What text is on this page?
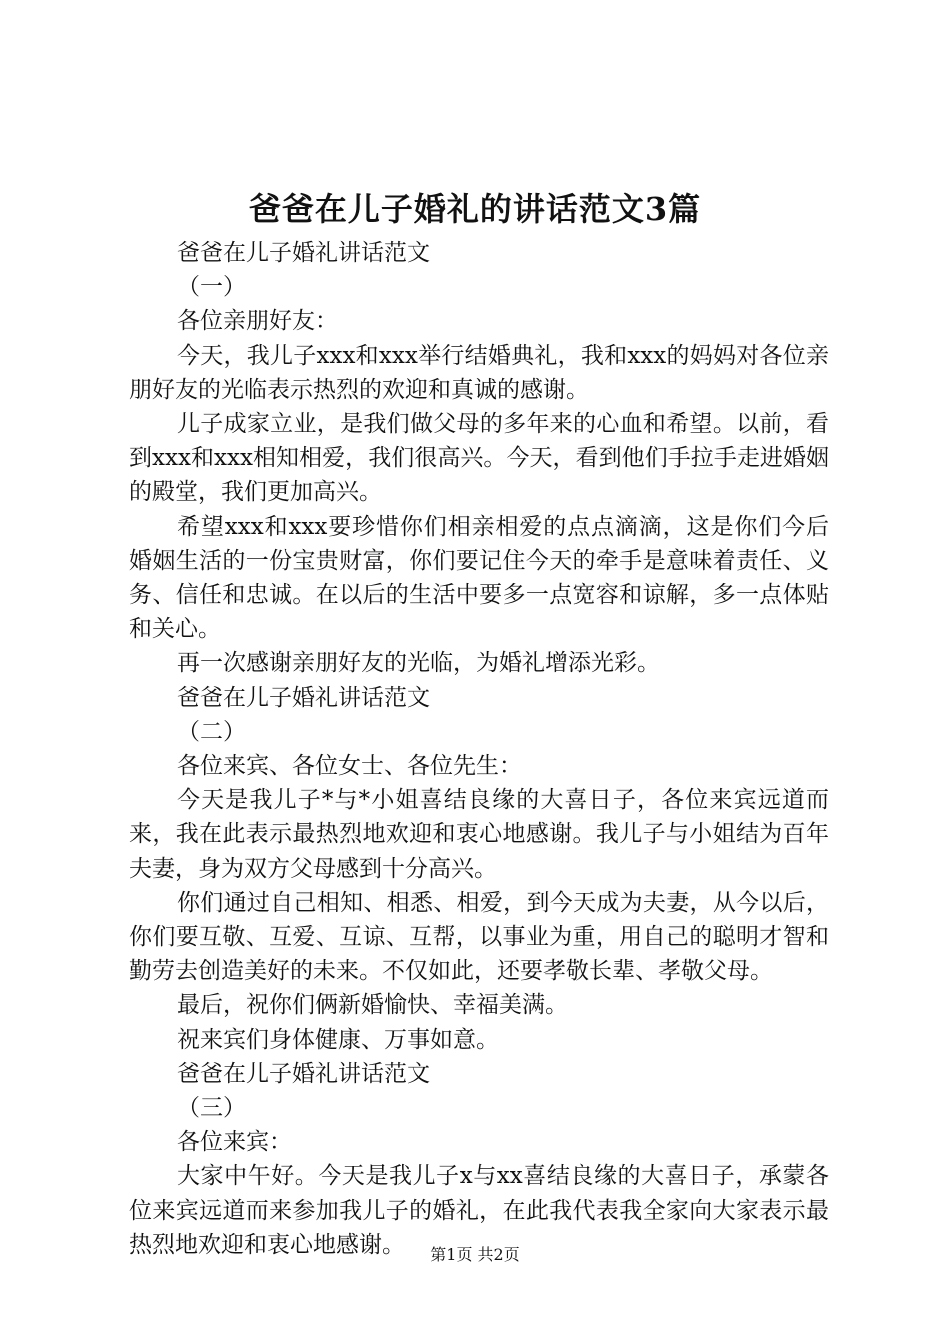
爸爸在儿子婚礼的讲话范文3篇

爸爸在儿子婚礼讲话范文

（一）

各位亲朋好友：

今天，我儿子xxx和xxx举行结婚典礼，我和xxx的妈妈对各位亲朋好友的光临表示热烈的欢迎和真诚的感谢。

儿子成家立业，是我们做父母的多年来的心血和希望。以前，看到xxx和xxx相知相爱，我们很高兴。今天，看到他们手拉手走进婚姻的殿堂，我们更加高兴。

希望xxx和xxx要珍惜你们相亲相爱的点点滴滴，这是你们今后婚姻生活的一份宝贵财富，你们要记住今天的牵手是意味着责任、义务、信任和忠诚。在以后的生活中要多一点宽容和谅解，多一点体贴和关心。

再一次感谢亲朋好友的光临，为婚礼增添光彩。

爸爸在儿子婚礼讲话范文

（二）

各位来宾、各位女士、各位先生：

今天是我儿子*与*小姐喜结良缘的大喜日子，各位来宾远道而来，我在此表示最热烈地欢迎和衷心地感谢。我儿子与小姐结为百年夫妻，身为双方父母感到十分高兴。

你们通过自己相知、相悉、相爱，到今天成为夫妻，从今以后，你们要互敬、互爱、互谅、互帮，以事业为重，用自己的聪明才智和勤劳去创造美好的未来。不仅如此，还要孝敬长辈、孝敬父母。

最后，祝你们俩新婚愉快、幸福美满。

祝来宾们身体健康、万事如意。

爸爸在儿子婚礼讲话范文

（三）

各位来宾：

大家中午好。今天是我儿子x与xx喜结良缘的大喜日子，承蒙各位来宾远道而来参加我儿子的婚礼，在此我代表我全家向大家表示最热烈地欢迎和衷心地感谢。	第1页 共2页
